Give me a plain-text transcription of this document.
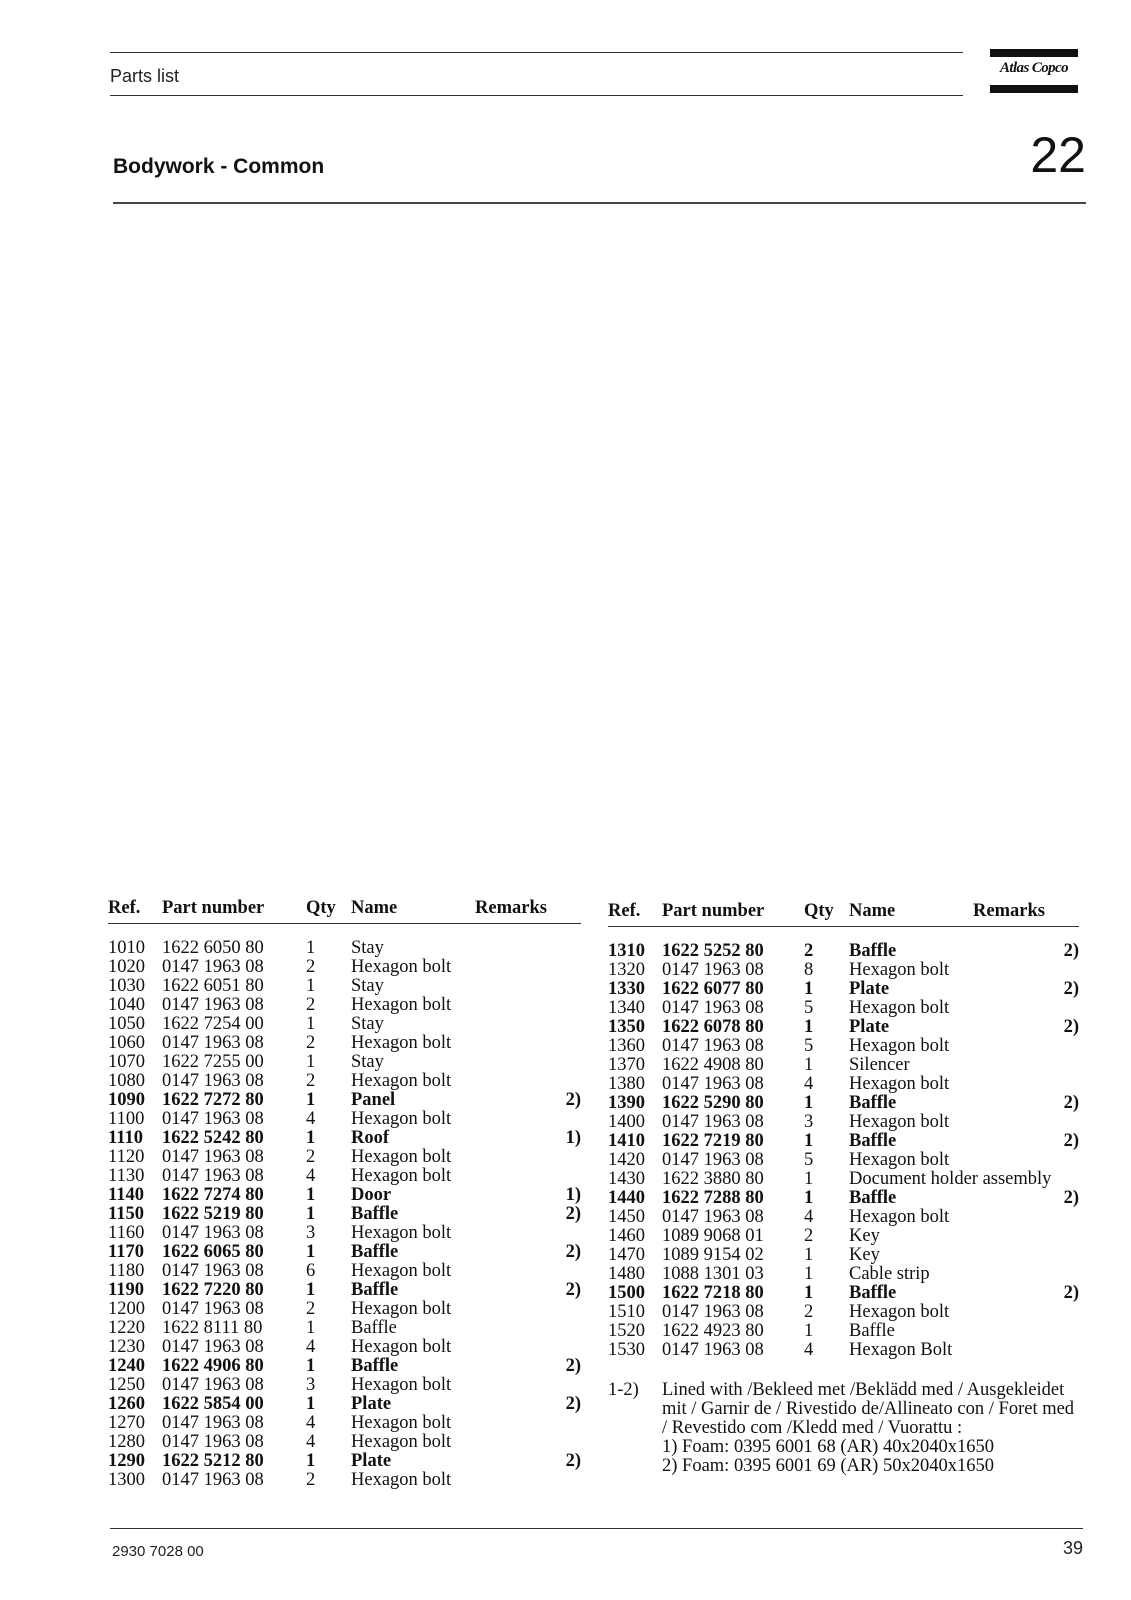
Parts list	Atlas Copco
Bodywork - Common	22
Ref. Part number Qty Name	Remarks
1010 1622 6050 80 1 Stay
1020 0147 1963 08 2 Hexagon bolt
1030 1622 6051 80 1 Stay
1040 0147 1963 08 2 Hexagon bolt
1050 1622 7254 00 1 Stay
1060 0147 1963 08 2 Hexagon bolt
1070 1622 7255 00 1 Stay
1080 0147 1963 08 2 Hexagon bolt
1090 1622 7272 80 1 Panel	2)
1100 0147 1963 08 4 Hexagon bolt
1110 1622 5242 80 1 Roof	1)
1120 0147 1963 08 2 Hexagon bolt
1130 0147 1963 08 4 Hexagon bolt
1140 1622 7274 80 1 Door	1)
1150 1622 5219 80 1 Baffle	2)
1160 0147 1963 08 3 Hexagon bolt
1170 1622 6065 80 1 Baffle	2)
1180 0147 1963 08 6 Hexagon bolt
1190 1622 7220 80 1 Baffle	2)
1200 0147 1963 08 2 Hexagon bolt
1220 1622 8111 80 1 Baffle
1230 0147 1963 08 4 Hexagon bolt
1240 1622 4906 80 1 Baffle	2)
1250 0147 1963 08 3 Hexagon bolt
1260 1622 5854 00 1 Plate	2)
1270 0147 1963 08 4 Hexagon bolt
1280 0147 1963 08 4 Hexagon bolt
1290 1622 5212 80 1 Plate	2)
1300 0147 1963 08 2 Hexagon bolt
Ref. Part number Qty Name	Remarks
1310 1622 5252 80 2 Baffle	2)
1320 0147 1963 08 8 Hexagon bolt
1330 1622 6077 80 1 Plate	2)
1340 0147 1963 08 5 Hexagon bolt
1350 1622 6078 80 1 Plate	2)
1360 0147 1963 08 5 Hexagon bolt
1370 1622 4908 80 1 Silencer
1380 0147 1963 08 4 Hexagon bolt
1390 1622 5290 80 1 Baffle	2)
1400 0147 1963 08 3 Hexagon bolt
1410 1622 7219 80 1 Baffle	2)
1420 0147 1963 08 5 Hexagon bolt
1430 1622 3880 80 1 Document holder assembly
1440 1622 7288 80 1 Baffle	2)
1450 0147 1963 08 4 Hexagon bolt
1460 1089 9068 01 2 Key
1470 1089 9154 02 1 Key
1480 1088 1301 03 1 Cable strip
1500 1622 7218 80 1 Baffle	2)
1510 0147 1963 08 2 Hexagon bolt
1520 1622 4923 80 1 Baffle
1530 0147 1963 08 4 Hexagon Bolt
1-2) Lined with /Bekleed met /Beklädd med / Ausgekleidet
mit / Garnir de / Rivestido de/Allineato con / Foret med
/ Revestido com /Kledd med / Vuorattu :
1) Foam: 0395 6001 68 (AR) 40x2040x1650
2) Foam: 0395 6001 69 (AR) 50x2040x1650
2930 7028 00	39
